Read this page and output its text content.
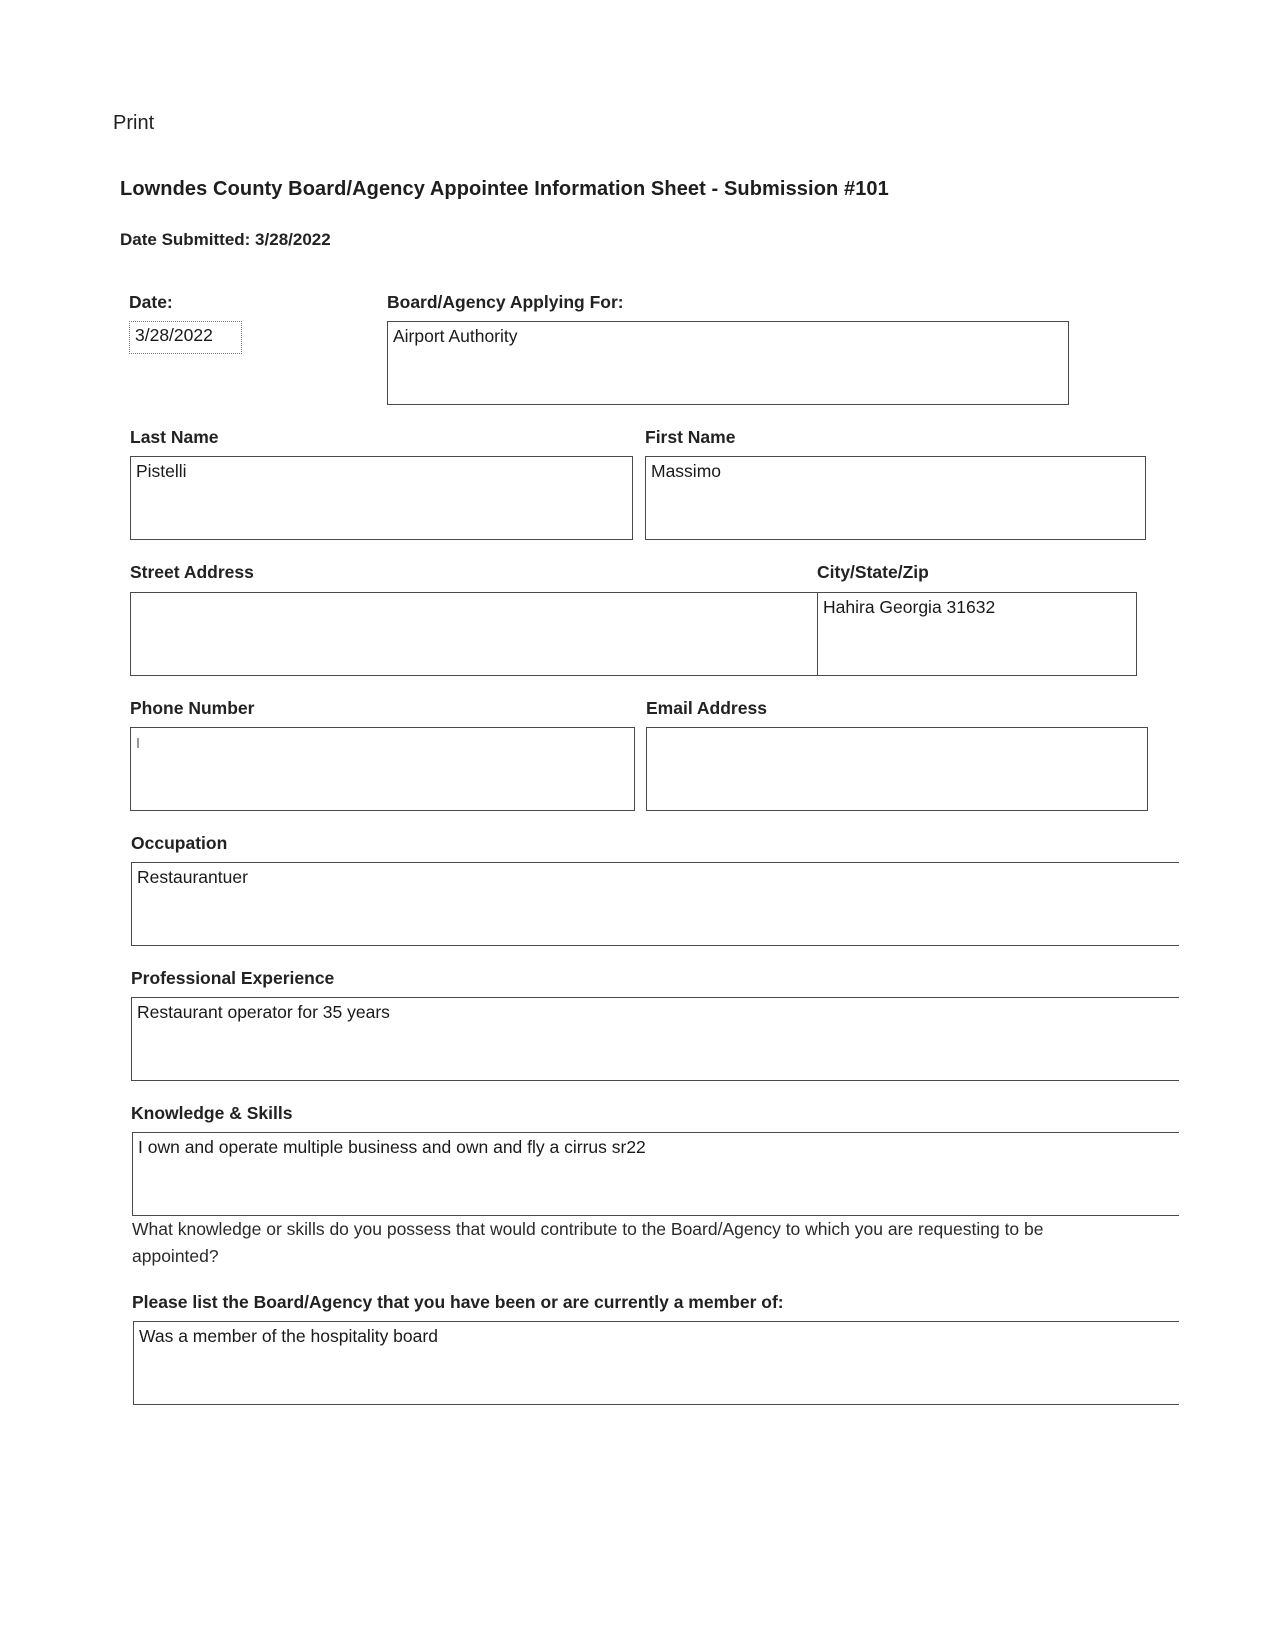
Print
Lowndes County Board/Agency Appointee Information Sheet - Submission #101
Date Submitted: 3/28/2022
Date:
3/28/2022
Board/Agency Applying For:
Airport Authority
Last Name
Pistelli
First Name
Massimo
Street Address	City/State/Zip
Hahira Georgia 31632
Phone Number	Email Address
Occupation
Restaurantuer
Professional Experience
Restaurant operator for 35 years
Knowledge & Skills
I own and operate multiple business and own and fly a cirrus sr22
What knowledge or skills do you possess that would contribute to the Board/Agency to which you are requesting to be appointed?
Please list the Board/Agency that you have been or are currently a member of:
Was a member of the hospitality board
